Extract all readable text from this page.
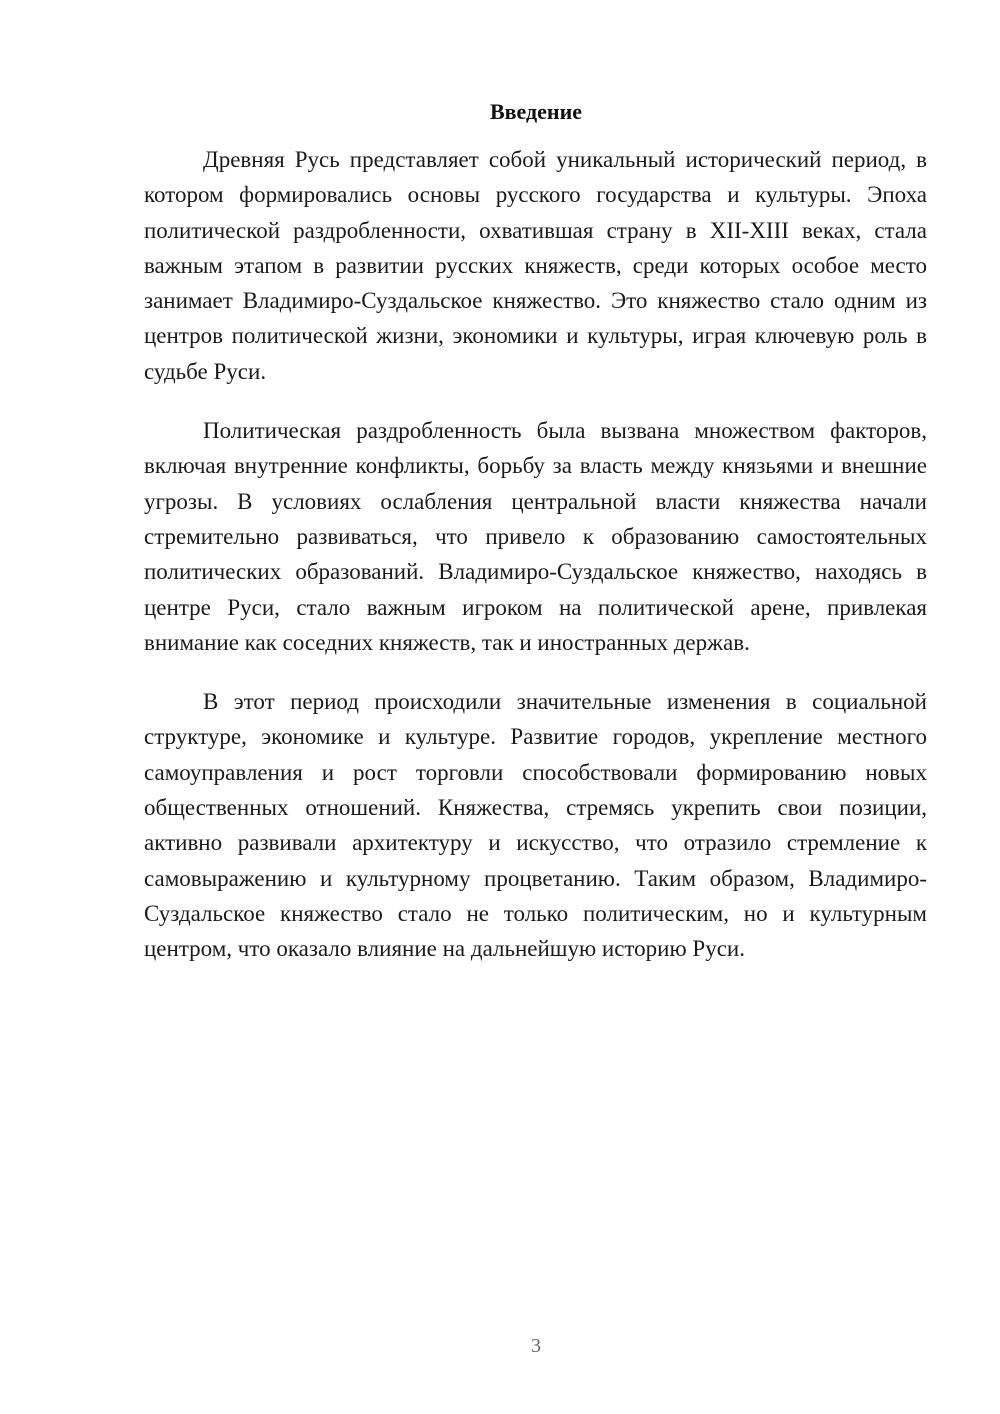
Введение

Древняя Русь представляет собой уникальный исторический период, в котором формировались основы русского государства и культуры. Эпоха политической раздробленности, охватившая страну в XII-XIII веках, стала важным этапом в развитии русских княжеств, среди которых особое место занимает Владимиро-Суздальское княжество. Это княжество стало одним из центров политической жизни, экономики и культуры, играя ключевую роль в судьбе Руси.

Политическая раздробленность была вызвана множеством факторов, включая внутренние конфликты, борьбу за власть между князьями и внешние угрозы. В условиях ослабления центральной власти княжества начали стремительно развиваться, что привело к образованию самостоятельных политических образований. Владимиро-Суздальское княжество, находясь в центре Руси, стало важным игроком на политической арене, привлекая внимание как соседних княжеств, так и иностранных держав.

В этот период происходили значительные изменения в социальной структуре, экономике и культуре. Развитие городов, укрепление местного самоуправления и рост торговли способствовали формированию новых общественных отношений. Княжества, стремясь укрепить свои позиции, активно развивали архитектуру и искусство, что отразило стремление к самовыражению и культурному процветанию. Таким образом, Владимиро-Суздальское княжество стало не только политическим, но и культурным центром, что оказало влияние на дальнейшую историю Руси.

3
